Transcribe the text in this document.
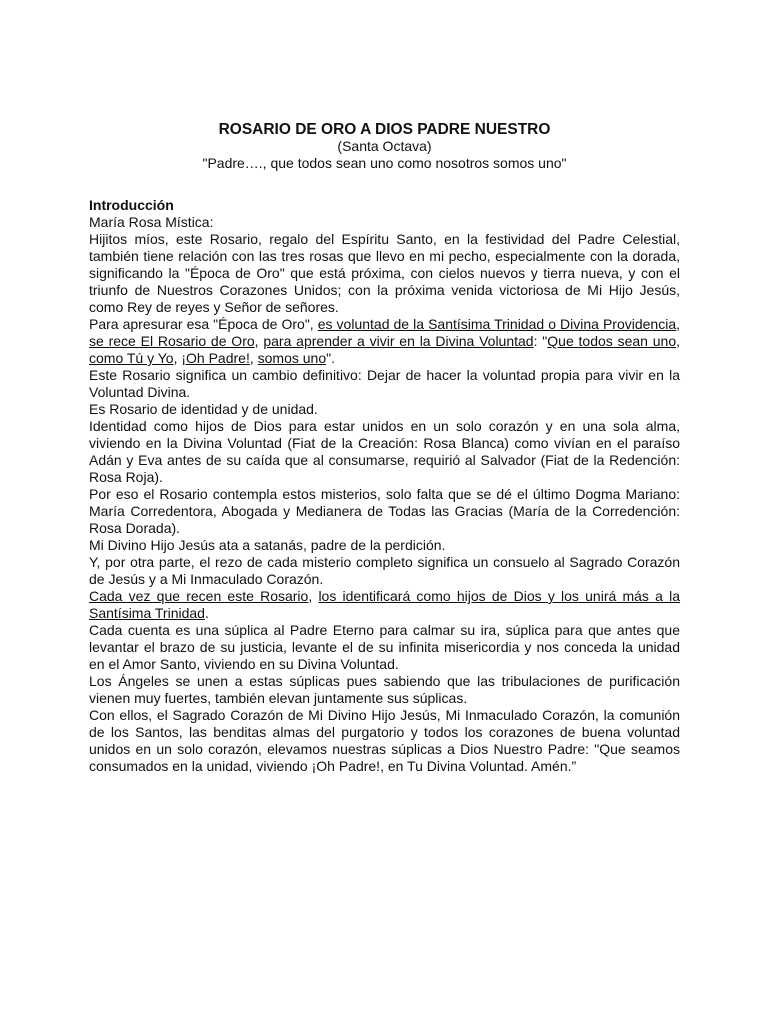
ROSARIO DE ORO A DIOS PADRE NUESTRO

(Santa Octava)

"Padre…., que todos sean uno como nosotros somos uno"

Introducción

María Rosa Mística:

Hijitos míos, este Rosario, regalo del Espíritu Santo, en la festividad del Padre Celestial, también tiene relación con las tres rosas que llevo en mi pecho, especialmente con la dorada, significando la "Época de Oro" que está próxima, con cielos nuevos y tierra nueva, y con el triunfo de Nuestros Corazones Unidos; con la próxima venida victoriosa de Mi Hijo Jesús, como Rey de reyes y Señor de señores.

Para apresurar esa "Época de Oro", es voluntad de la Santísima Trinidad o Divina Providencia, se rece El Rosario de Oro, para aprender a vivir en la Divina Voluntad: "Que todos sean uno, como Tú y Yo, ¡Oh Padre!, somos uno".

Este Rosario significa un cambio definitivo: Dejar de hacer la voluntad propia para vivir en la Voluntad Divina.

Es Rosario de identidad y de unidad.

Identidad como hijos de Dios para estar unidos en un solo corazón y en una sola alma, viviendo en la Divina Voluntad (Fiat de la Creación: Rosa Blanca) como vivían en el paraíso Adán y Eva antes de su caída que al consumarse, requirió al Salvador (Fiat de la Redención: Rosa Roja).

Por eso el Rosario contempla estos misterios, solo falta que se dé el último Dogma Mariano: María Corredentora, Abogada y Medianera de Todas las Gracias (María de la Corredención: Rosa Dorada).

Mi Divino Hijo Jesús ata a satanás, padre de la perdición.

Y, por otra parte, el rezo de cada misterio completo significa un consuelo al Sagrado Corazón de Jesús y a Mi Inmaculado Corazón.

Cada vez que recen este Rosario, los identificará como hijos de Dios y los unirá más a la Santísima Trinidad.

Cada cuenta es una súplica al Padre Eterno para calmar su ira, súplica para que antes que levantar el brazo de su justicia, levante el de su infinita misericordia y nos conceda la unidad en el Amor Santo, viviendo en su Divina Voluntad.

Los Ángeles se unen a estas súplicas pues sabiendo que las tribulaciones de purificación vienen muy fuertes, también elevan juntamente sus súplicas.

Con ellos, el Sagrado Corazón de Mi Divino Hijo Jesús, Mi Inmaculado Corazón, la comunión de los Santos, las benditas almas del purgatorio y todos los corazones de buena voluntad unidos en un solo corazón, elevamos nuestras súplicas a Dios Nuestro Padre: "Que seamos consumados en la unidad, viviendo ¡Oh Padre!, en Tu Divina Voluntad. Amén.”
